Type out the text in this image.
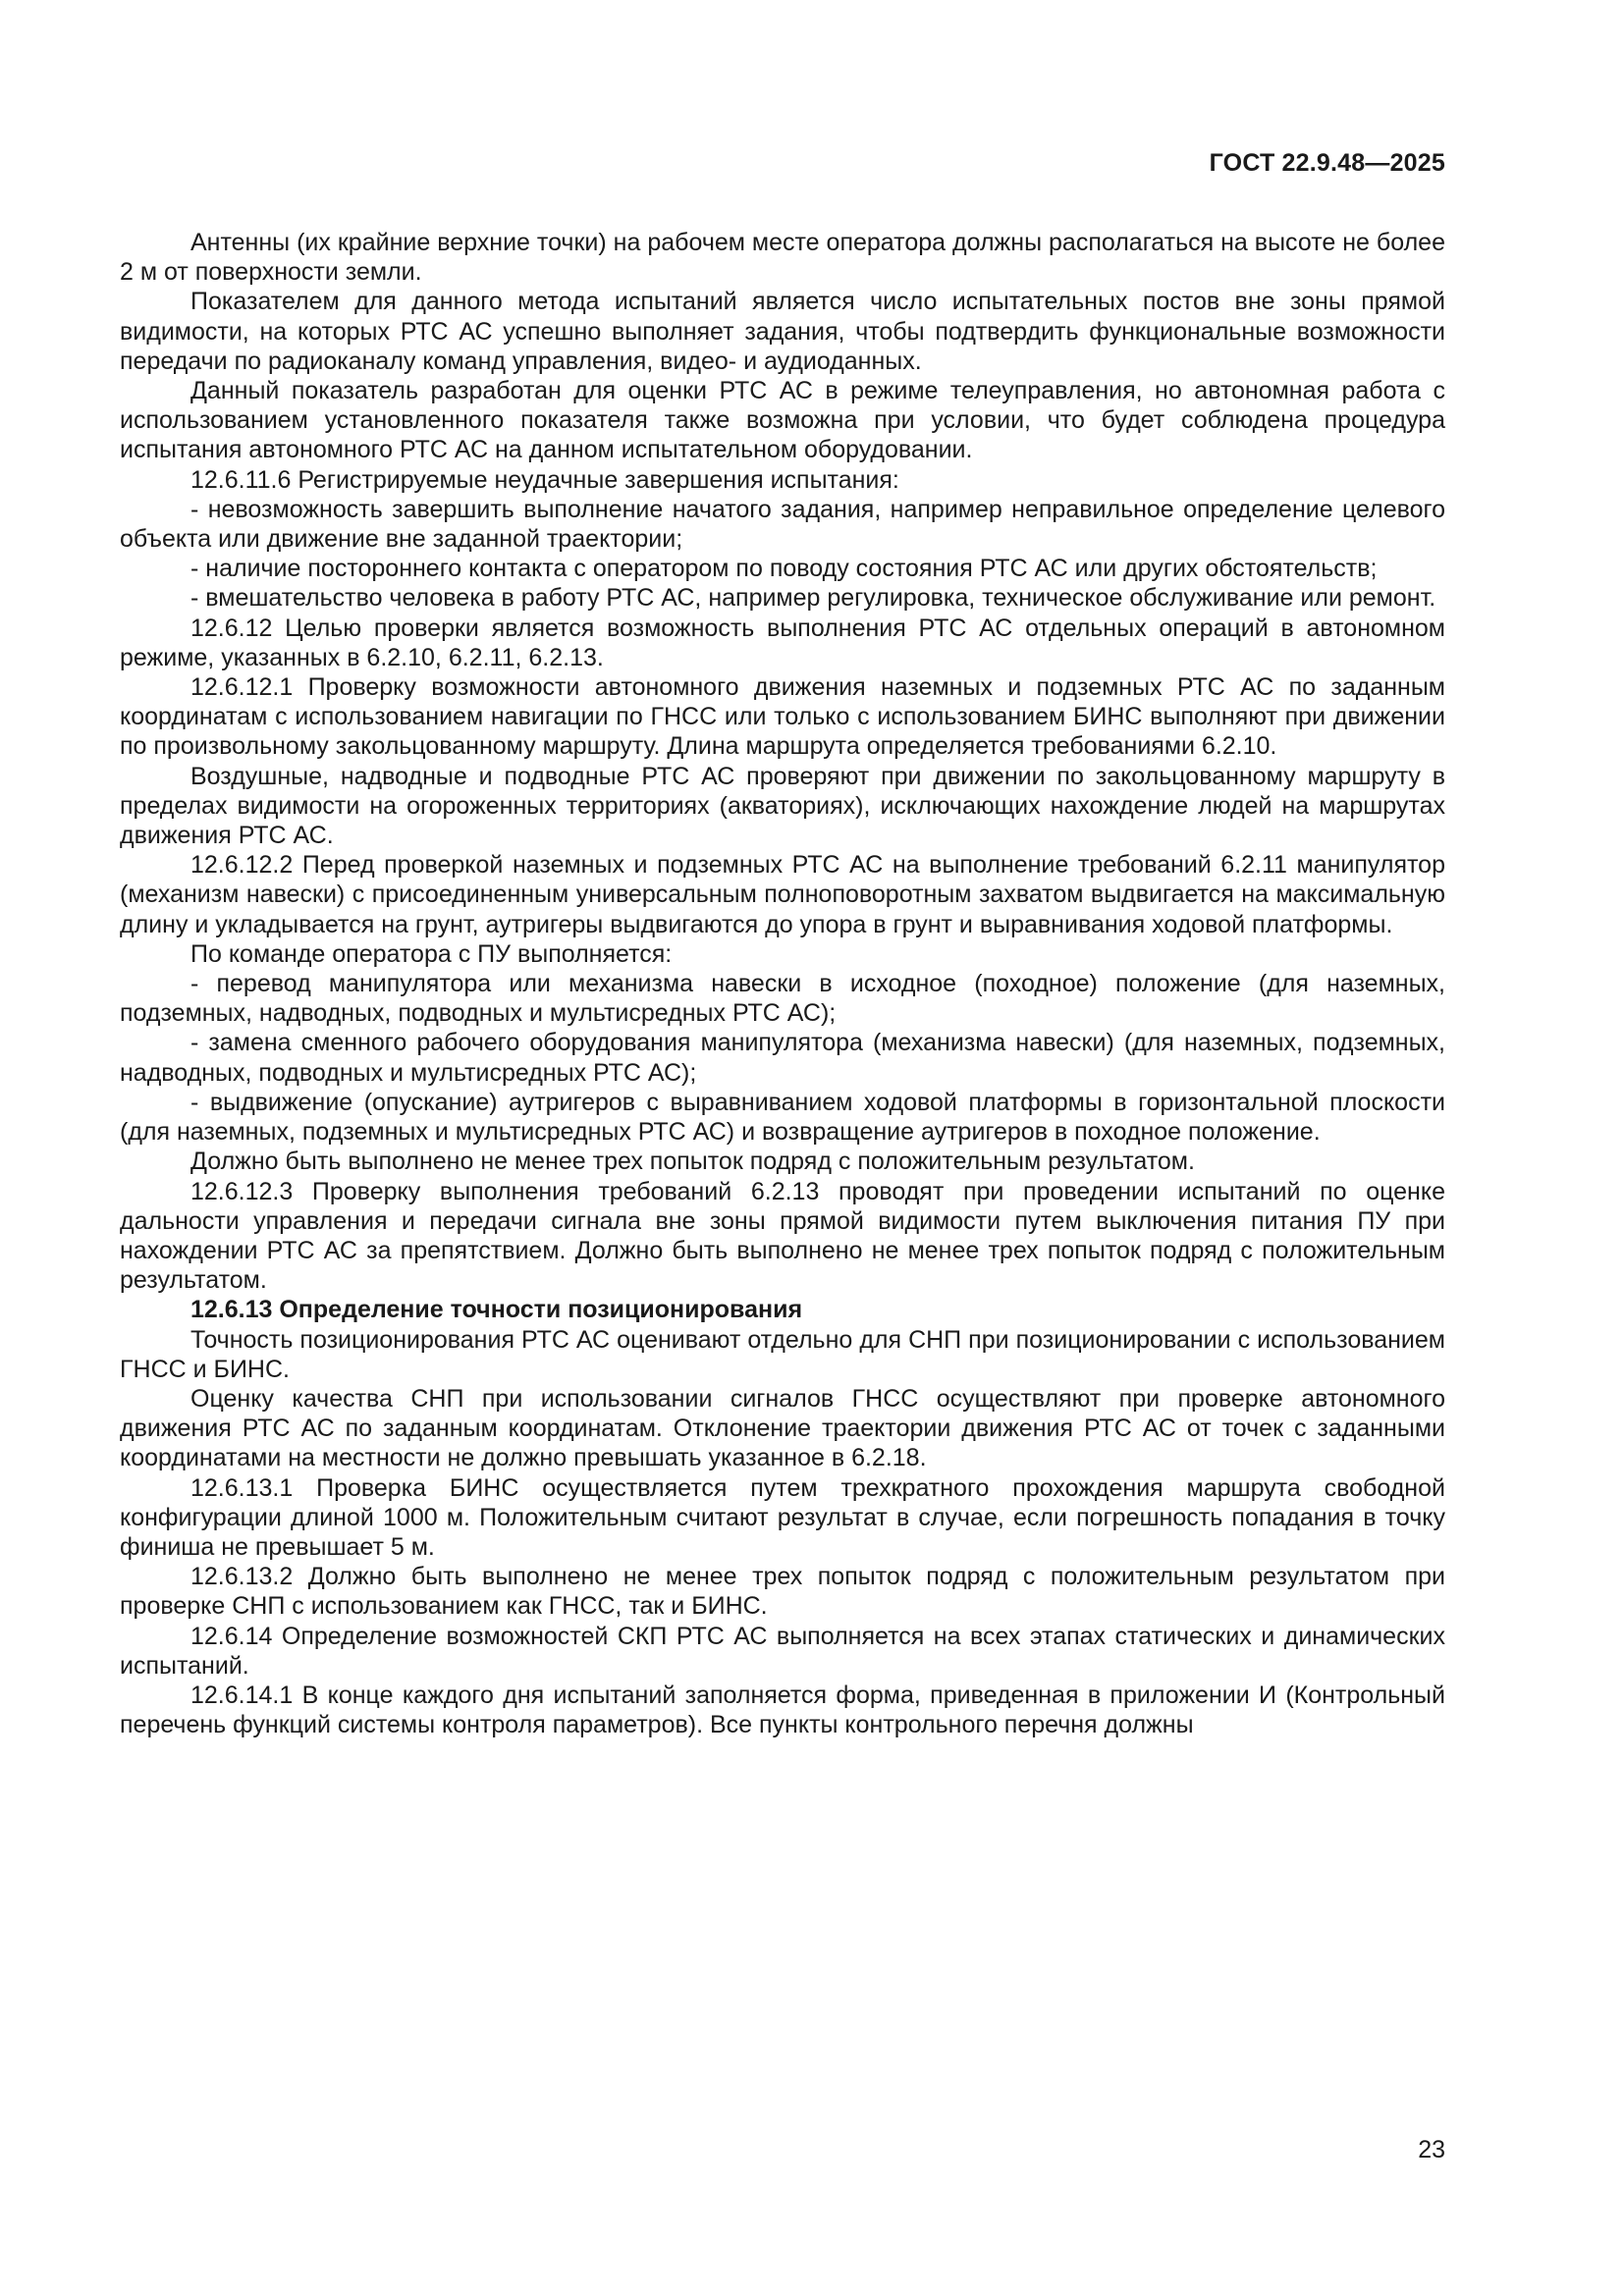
ГОСТ 22.9.48—2025

Антенны (их крайние верхние точки) на рабочем месте оператора должны располагаться на высоте не более 2 м от поверхности земли.

Показателем для данного метода испытаний является число испытательных постов вне зоны прямой видимости, на которых РТС АС успешно выполняет задания, чтобы подтвердить функциональные возможности передачи по радиоканалу команд управления, видео- и аудиоданных.

Данный показатель разработан для оценки РТС АС в режиме телеуправления, но автономная работа с использованием установленного показателя также возможна при условии, что будет соблюдена процедура испытания автономного РТС АС на данном испытательном оборудовании.

12.6.11.6 Регистрируемые неудачные завершения испытания:

- невозможность завершить выполнение начатого задания, например неправильное определение целевого объекта или движение вне заданной траектории;

- наличие постороннего контакта с оператором по поводу состояния РТС АС или других обстоятельств;

- вмешательство человека в работу РТС АС, например регулировка, техническое обслуживание или ремонт.

12.6.12 Целью проверки является возможность выполнения РТС АС отдельных операций в автономном режиме, указанных в 6.2.10, 6.2.11, 6.2.13.

12.6.12.1 Проверку возможности автономного движения наземных и подземных РТС АС по заданным координатам с использованием навигации по ГНСС или только с использованием БИНС выполняют при движении по произвольному закольцованному маршруту. Длина маршрута определяется требованиями 6.2.10.

Воздушные, надводные и подводные РТС АС проверяют при движении по закольцованному маршруту в пределах видимости на огороженных территориях (акваториях), исключающих нахождение людей на маршрутах движения РТС АС.

12.6.12.2 Перед проверкой наземных и подземных РТС АС на выполнение требований 6.2.11 манипулятор (механизм навески) с присоединенным универсальным полноповоротным захватом выдвигается на максимальную длину и укладывается на грунт, аутригеры выдвигаются до упора в грунт и выравнивания ходовой платформы.

По команде оператора с ПУ выполняется:

- перевод манипулятора или механизма навески в исходное (походное) положение (для наземных, подземных, надводных, подводных и мультисредных РТС АС);

- замена сменного рабочего оборудования манипулятора (механизма навески) (для наземных, подземных, надводных, подводных и мультисредных РТС АС);

- выдвижение (опускание) аутригеров с выравниванием ходовой платформы в горизонтальной плоскости (для наземных, подземных и мультисредных РТС АС) и возвращение аутригеров в походное положение.

Должно быть выполнено не менее трех попыток подряд с положительным результатом.

12.6.12.3 Проверку выполнения требований 6.2.13 проводят при проведении испытаний по оценке дальности управления и передачи сигнала вне зоны прямой видимости путем выключения питания ПУ при нахождении РТС АС за препятствием. Должно быть выполнено не менее трех попыток подряд с положительным результатом.

12.6.13 Определение точности позиционирования

Точность позиционирования РТС АС оценивают отдельно для СНП при позиционировании с использованием ГНСС и БИНС.

Оценку качества СНП при использовании сигналов ГНСС осуществляют при проверке автономного движения РТС АС по заданным координатам. Отклонение траектории движения РТС АС от точек с заданными координатами на местности не должно превышать указанное в 6.2.18.

12.6.13.1 Проверка БИНС осуществляется путем трехкратного прохождения маршрута свободной конфигурации длиной 1000 м. Положительным считают результат в случае, если погрешность попадания в точку финиша не превышает 5 м.

12.6.13.2 Должно быть выполнено не менее трех попыток подряд с положительным результатом при проверке СНП с использованием как ГНСС, так и БИНС.

12.6.14 Определение возможностей СКП РТС АС выполняется на всех этапах статических и динамических испытаний.

12.6.14.1 В конце каждого дня испытаний заполняется форма, приведенная в приложении И (Контрольный перечень функций системы контроля параметров). Все пункты контрольного перечня должны

23
